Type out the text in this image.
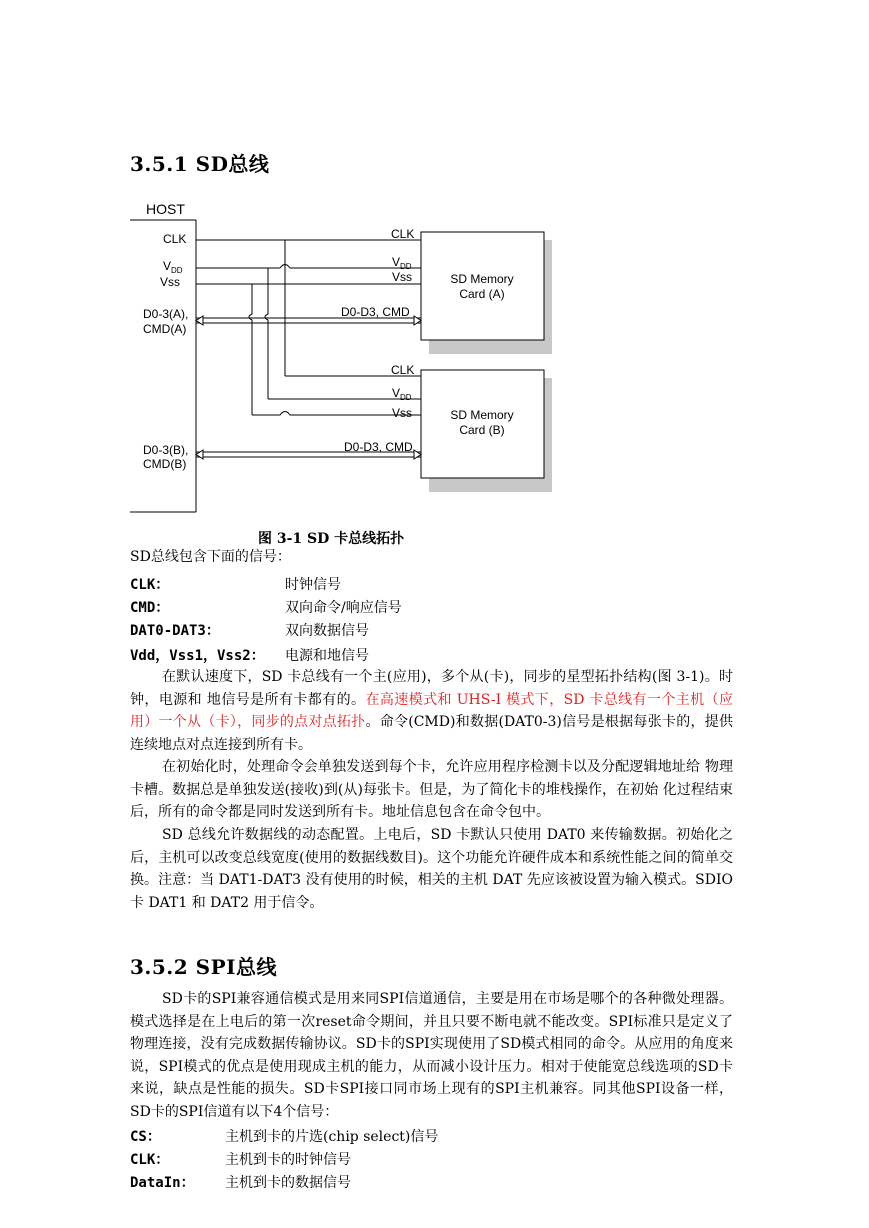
3.5.1 SD总线
HOST
CLK
$V_{DD}$
Vss
D0-3(A),
CMD(A)
D0-3(B),
CMD(B)
SD Memory
Card (A)
SD Memory
Card (B)
CLK
$V_{DD}$
Vss
D0-D3, CMD
CLK
$V_{DD}$
Vss
D0-D3, CMD
图 3-1 SD 卡总线拓扑
SD总线包含下面的信号：
CLK：	时钟信号
CMD：	双向命令/响应信号
DAT0-DAT3：	双向数据信号
Vdd，Vss1，Vss2： 电源和地信号
在默认速度下，SD 卡总线有一个主(应用)，多个从(卡)，同步的星型拓扑结构(图 3-1)。时钟，电源和 地信号是所有卡都有的。在高速模式和 UHS-I 模式下，SD 卡总线有一个主机（应用）一个从（卡），同步的点对点拓扑。命令(CMD)和数据(DAT0-3)信号是根据每张卡的，提供连续地点对点连接到所有卡。
在初始化时，处理命令会单独发送到每个卡，允许应用程序检测卡以及分配逻辑地址给 物理卡槽。数据总是单独发送(接收)到(从)每张卡。但是，为了简化卡的堆栈操作，在初始 化过程结束后，所有的命令都是同时发送到所有卡。地址信息包含在命令包中。
SD 总线允许数据线的动态配置。上电后，SD 卡默认只使用 DAT0 来传输数据。初始化之 后，主机可以改变总线宽度(使用的数据线数目)。这个功能允许硬件成本和系统性能之间的简单交换。注意：当 DAT1-DAT3 没有使用的时候，相关的主机 DAT 先应该被设置为输入模式。SDIO 卡 DAT1 和 DAT2 用于信令。
3.5.2 SPI总线
SD卡的SPI兼容通信模式是用来同SPI信道通信，主要是用在市场是哪个的各种微处理器。模式选择是在上电后的第一次reset命令期间，并且只要不断电就不能改变。SPI标准只是定义了物理连接，没有完成数据传输协议。SD卡的SPI实现使用了SD模式相同的命令。从应用的角度来说，SPI模式的优点是使用现成主机的能力，从而减小设计压力。相对于使能宽总线选项的SD卡来说，缺点是性能的损失。SD卡SPI接口同市场上现有的SPI主机兼容。同其他SPI设备一样，SD卡的SPI信道有以下4个信号：
CS：	主机到卡的片选(chip select)信号
CLK：	主机到卡的时钟信号
DataIn： 主机到卡的数据信号
